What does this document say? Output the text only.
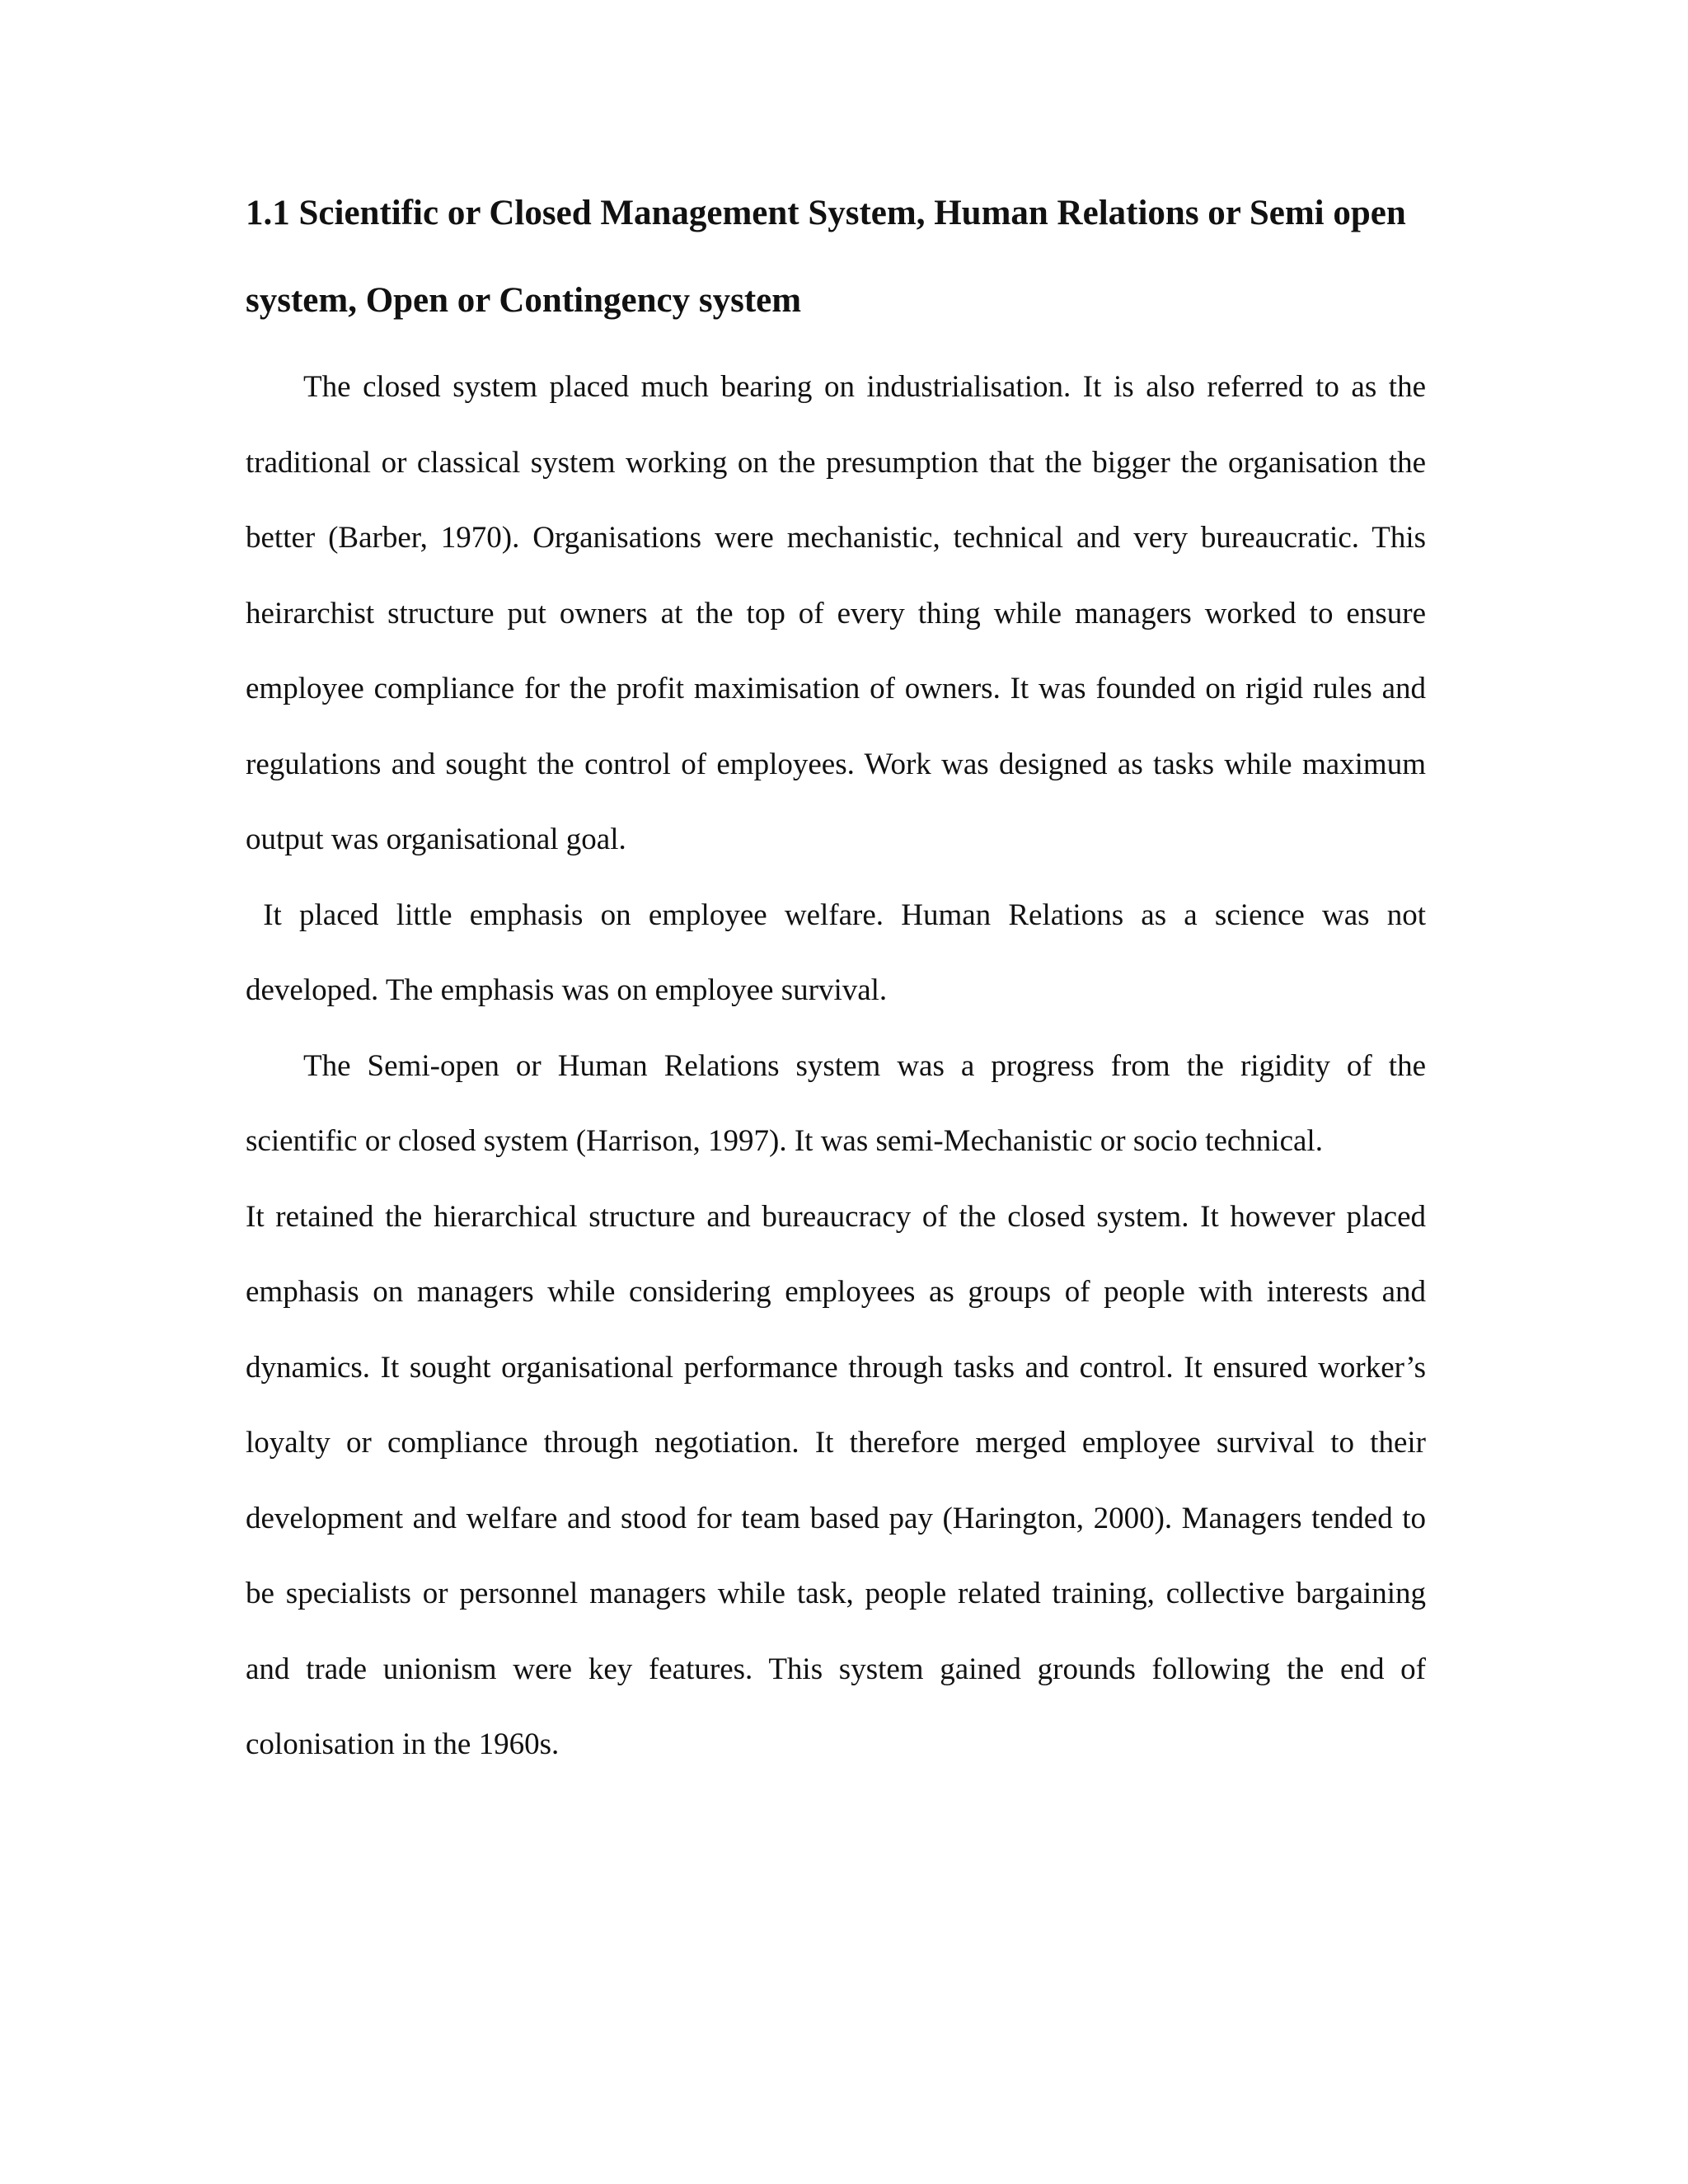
1.1 Scientific or Closed Management System, Human Relations or Semi open system, Open or Contingency system

The closed system placed much bearing on industrialisation. It is also referred to as the traditional or classical system working on the presumption that the bigger the organisation the better (Barber, 1970). Organisations were mechanistic, technical and very bureaucratic. This heirarchist structure put owners at the top of every thing while managers worked to ensure employee compliance for the profit maximisation of owners. It was founded on rigid rules and regulations and sought the control of employees. Work was designed as tasks while maximum output was organisational goal.

It placed little emphasis on employee welfare. Human Relations as a science was not developed. The emphasis was on employee survival.

The Semi-open or Human Relations system was a progress from the rigidity of the scientific or closed system (Harrison, 1997). It was semi-Mechanistic or socio technical.

It retained the hierarchical structure and bureaucracy of the closed system. It however placed emphasis on managers while considering employees as groups of people with interests and dynamics. It sought organisational performance through tasks and control. It ensured worker’s loyalty or compliance through negotiation. It therefore merged employee survival to their development and welfare and stood for team based pay (Harington, 2000). Managers tended to be specialists or personnel managers while task, people related training, collective bargaining and trade unionism were key features. This system gained grounds following the end of colonisation in the 1960s.
